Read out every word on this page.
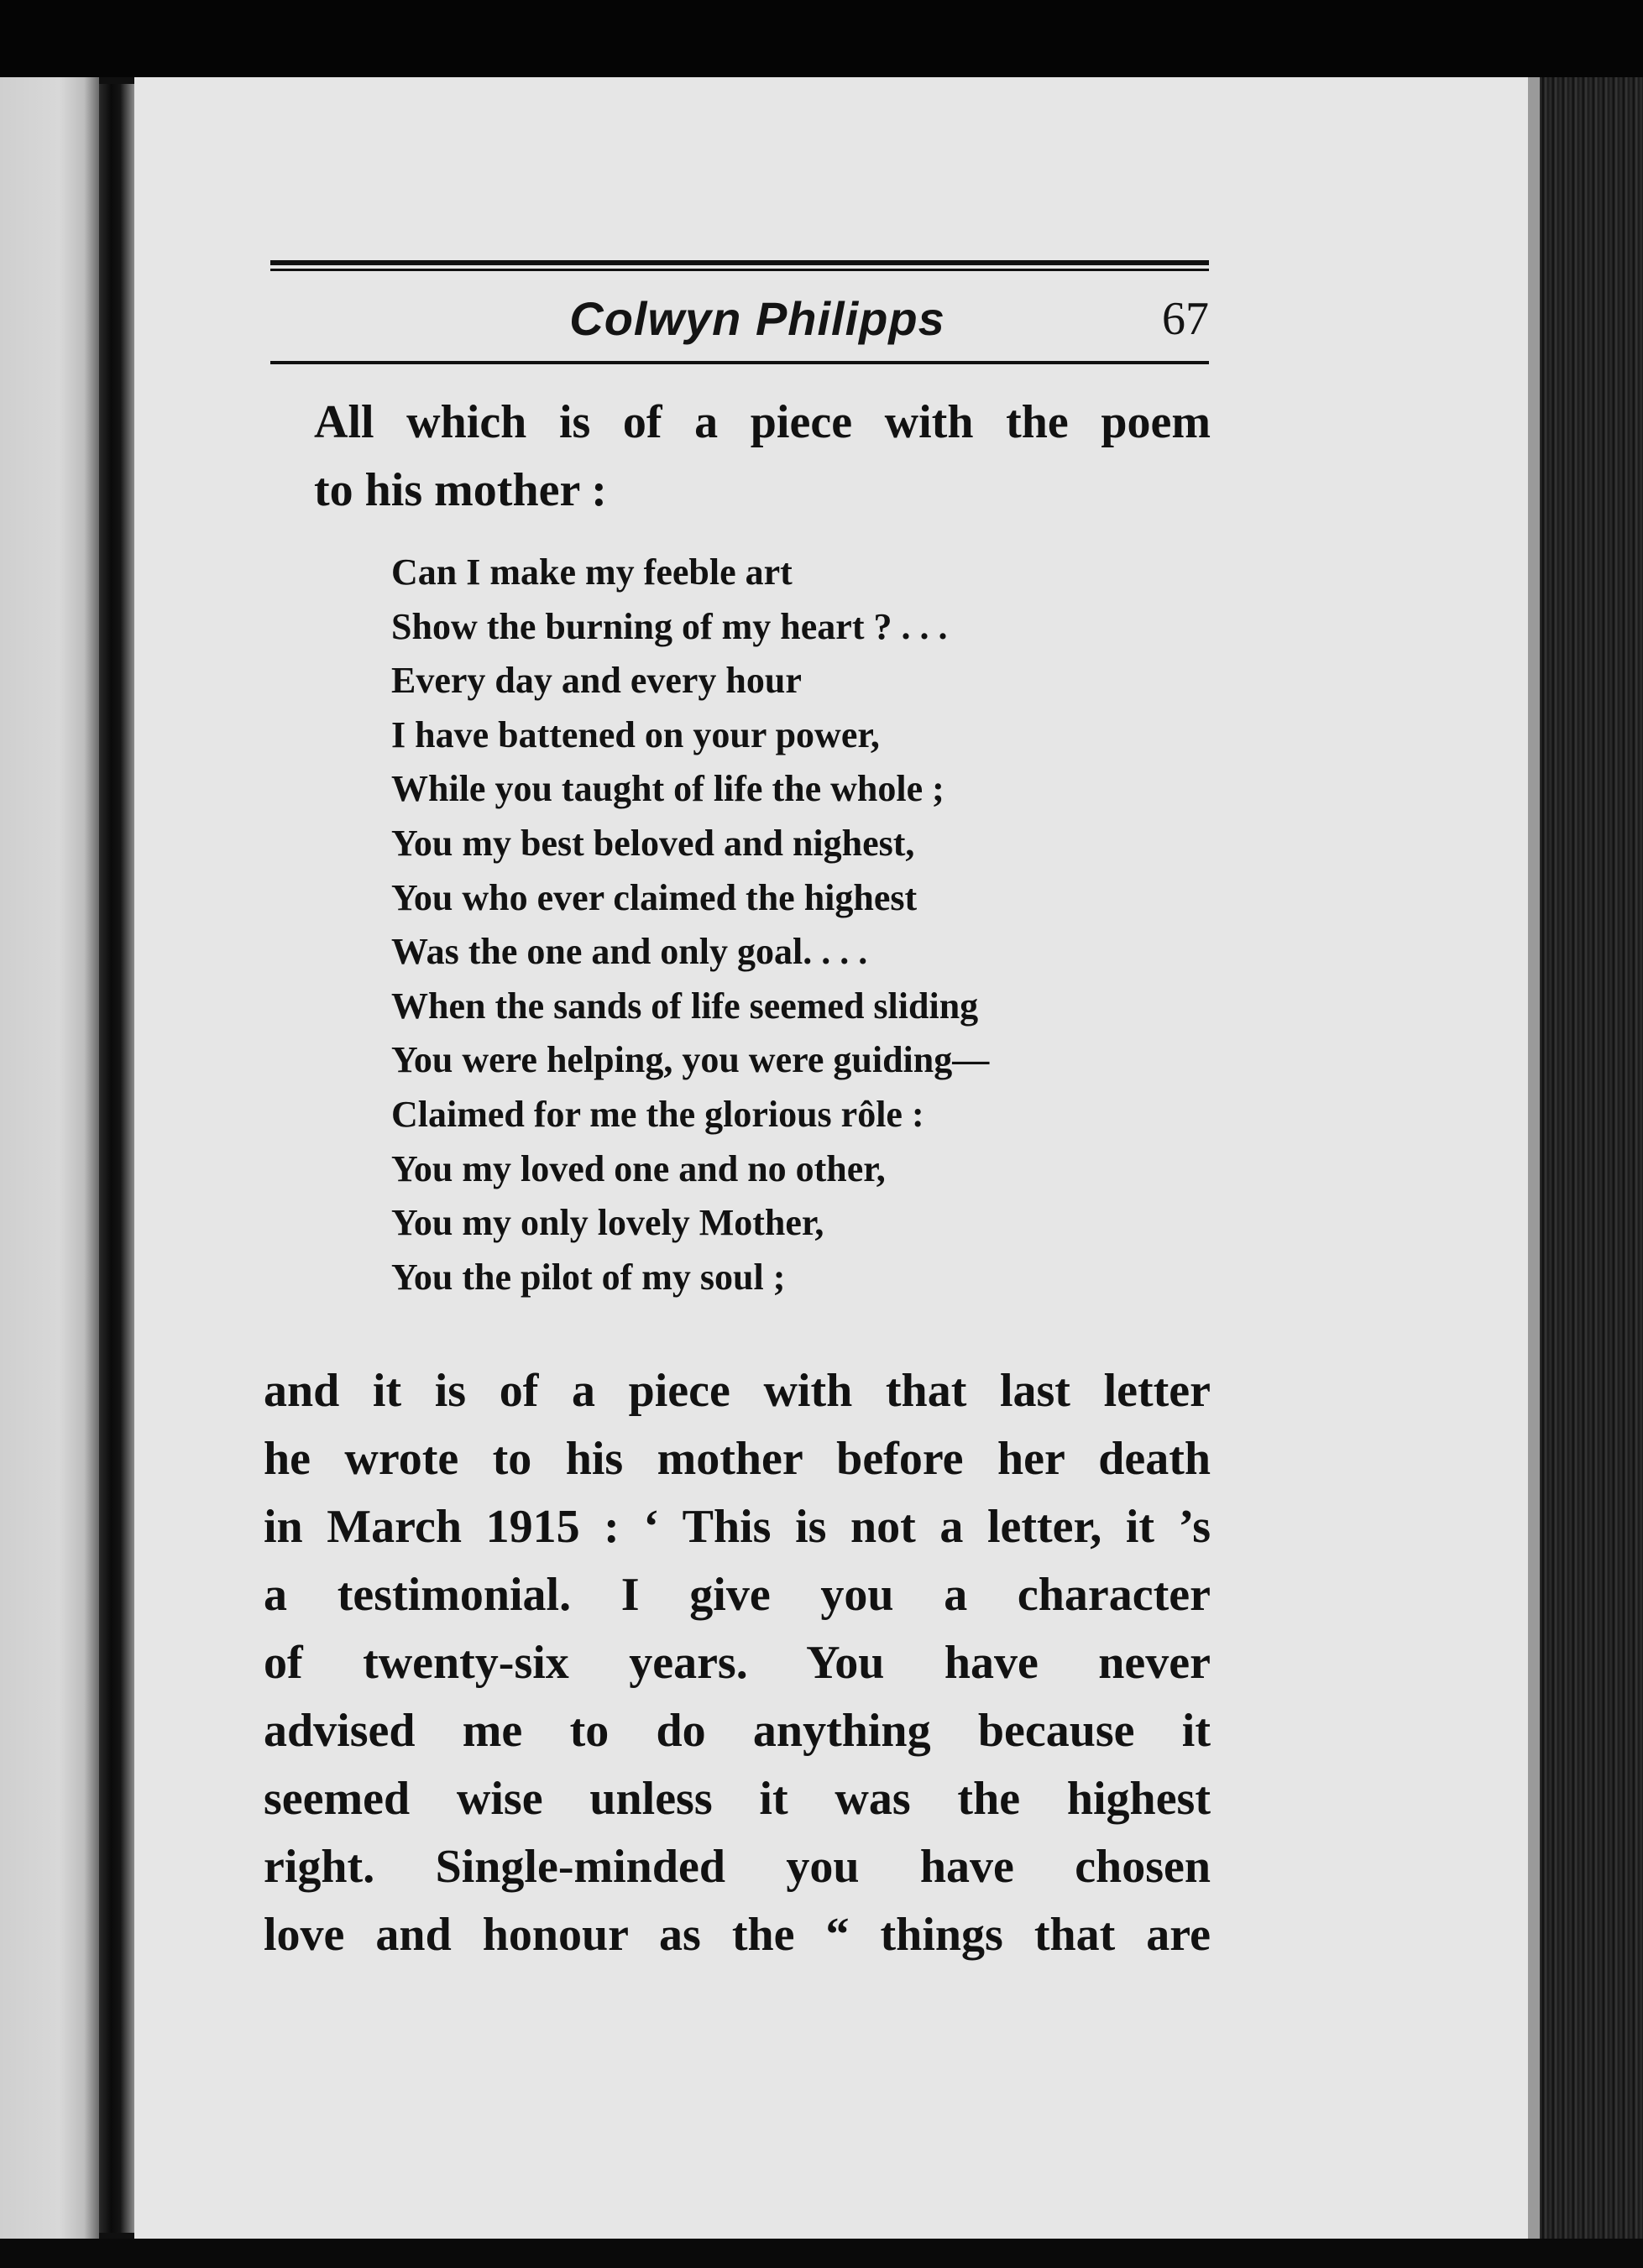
Colwyn Philipps	67

All which is of a piece with the poem
to his mother :

Can I make my feeble art
Show the burning of my heart ? . . .
Every day and every hour
I have battened on your power,
While you taught of life the whole ;
You my best beloved and nighest,
You who ever claimed the highest
Was the one and only goal. . . .
When the sands of life seemed sliding
You were helping, you were guiding—
Claimed for me the glorious rôle :
You my loved one and no other,
You my only lovely Mother,
You the pilot of my soul ;

and it is of a piece with that last letter
he wrote to his mother before her death
in March 1915 : ‘ This is not a letter, it ’s
a testimonial. I give you a character
of twenty-six years. You have never
advised me to do anything because it
seemed wise unless it was the highest
right. Single-minded you have chosen
love and honour as the “ things that are
